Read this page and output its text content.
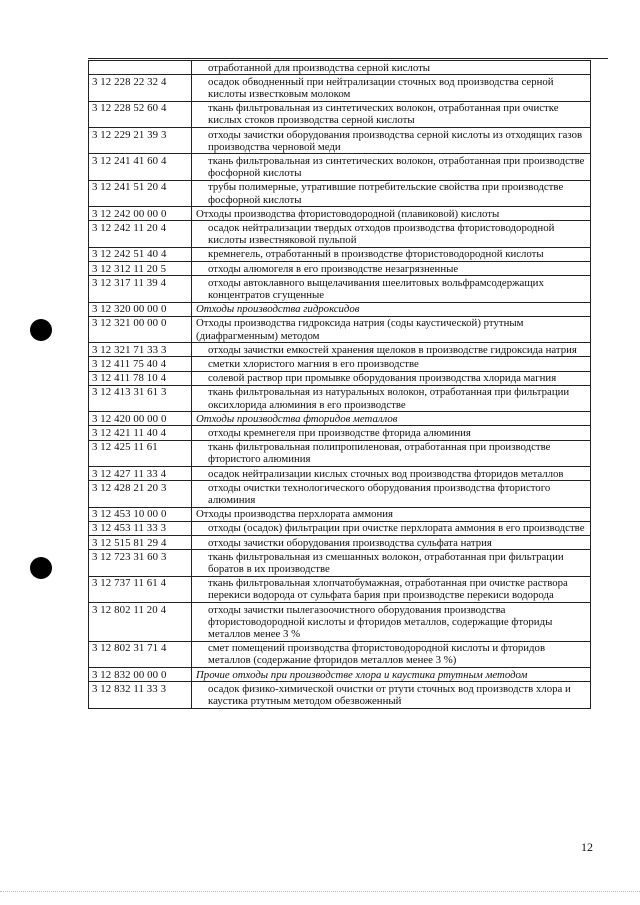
	отработанной для производства серной кислоты
3 12 228 22 32 4	осадок обводненный при нейтрализации сточных вод производства серной кислоты известковым молоком
3 12 228 52 60 4	ткань фильтровальная из синтетических волокон, отработанная при очистке кислых стоков производства серной кислоты
3 12 229 21 39 3	отходы зачистки оборудования производства серной кислоты из отходящих газов производства черновой меди
3 12 241 41 60 4	ткань фильтровальная из синтетических волокон, отработанная при производстве фосфорной кислоты
3 12 241 51 20 4	трубы полимерные, утратившие потребительские свойства при производстве фосфорной кислоты
3 12 242 00 00 0	Отходы производства фтористоводородной (плавиковой) кислоты
3 12 242 11 20 4	осадок нейтрализации твердых отходов производства фтористоводородной кислоты известняковой пульпой
3 12 242 51 40 4	кремнегель, отработанный в производстве фтористоводородной кислоты
3 12 312 11 20 5	отходы алюмогеля в его производстве незагрязненные
3 12 317 11 39 4	отходы автоклавного выщелачивания шеелитовых вольфрамсодержащих концентратов сгущенные
3 12 320 00 00 0	Отходы производства гидроксидов
3 12 321 00 00 0	Отходы производства гидроксида натрия (соды каустической) ртутным (диафрагменным) методом
3 12 321 71 33 3	отходы зачистки емкостей хранения щелоков в производстве гидроксида натрия
3 12 411 75 40 4	сметки хлористого магния в его производстве
3 12 411 78 10 4	солевой раствор при промывке оборудования производства хлорида магния
3 12 413 31 61 3	ткань фильтровальная из натуральных волокон, отработанная при фильтрации оксихлорида алюминия в его производстве
3 12 420 00 00 0	Отходы производства фторидов металлов
3 12 421 11 40 4	отходы кремнегеля при производстве фторида алюминия
3 12 425 11 61	ткань фильтровальная полипропиленовая, отработанная при производстве фтористого алюминия
3 12 427 11 33 4	осадок нейтрализации кислых сточных вод производства фторидов металлов
3 12 428 21 20 3	отходы очистки технологического оборудования производства фтористого алюминия
3 12 453 10 00 0	Отходы производства перхлората аммония
3 12 453 11 33 3	отходы (осадок) фильтрации при очистке перхлората аммония в его производстве
3 12 515 81 29 4	отходы зачистки оборудования производства сульфата натрия
3 12 723 31 60 3	ткань фильтровальная из смешанных волокон, отработанная при фильтрации боратов в их производстве
3 12 737 11 61 4	ткань фильтровальная хлопчатобумажная, отработанная при очистке раствора перекиси водорода от сульфата бария при производстве перекиси водорода
3 12 802 11 20 4	отходы зачистки пылегазоочистного оборудования производства фтористоводородной кислоты и фторидов металлов, содержащие фториды металлов менее 3 %
3 12 802 31 71 4	смет помещений производства фтористоводородной кислоты и фторидов металлов (содержание фторидов металлов менее 3 %)
3 12 832 00 00 0	Прочие отходы при производстве хлора и каустика ртутным методом
3 12 832 11 33 3	осадок физико-химической очистки от ртути сточных вод производств хлора и каустика ртутным методом обезвоженный
12
